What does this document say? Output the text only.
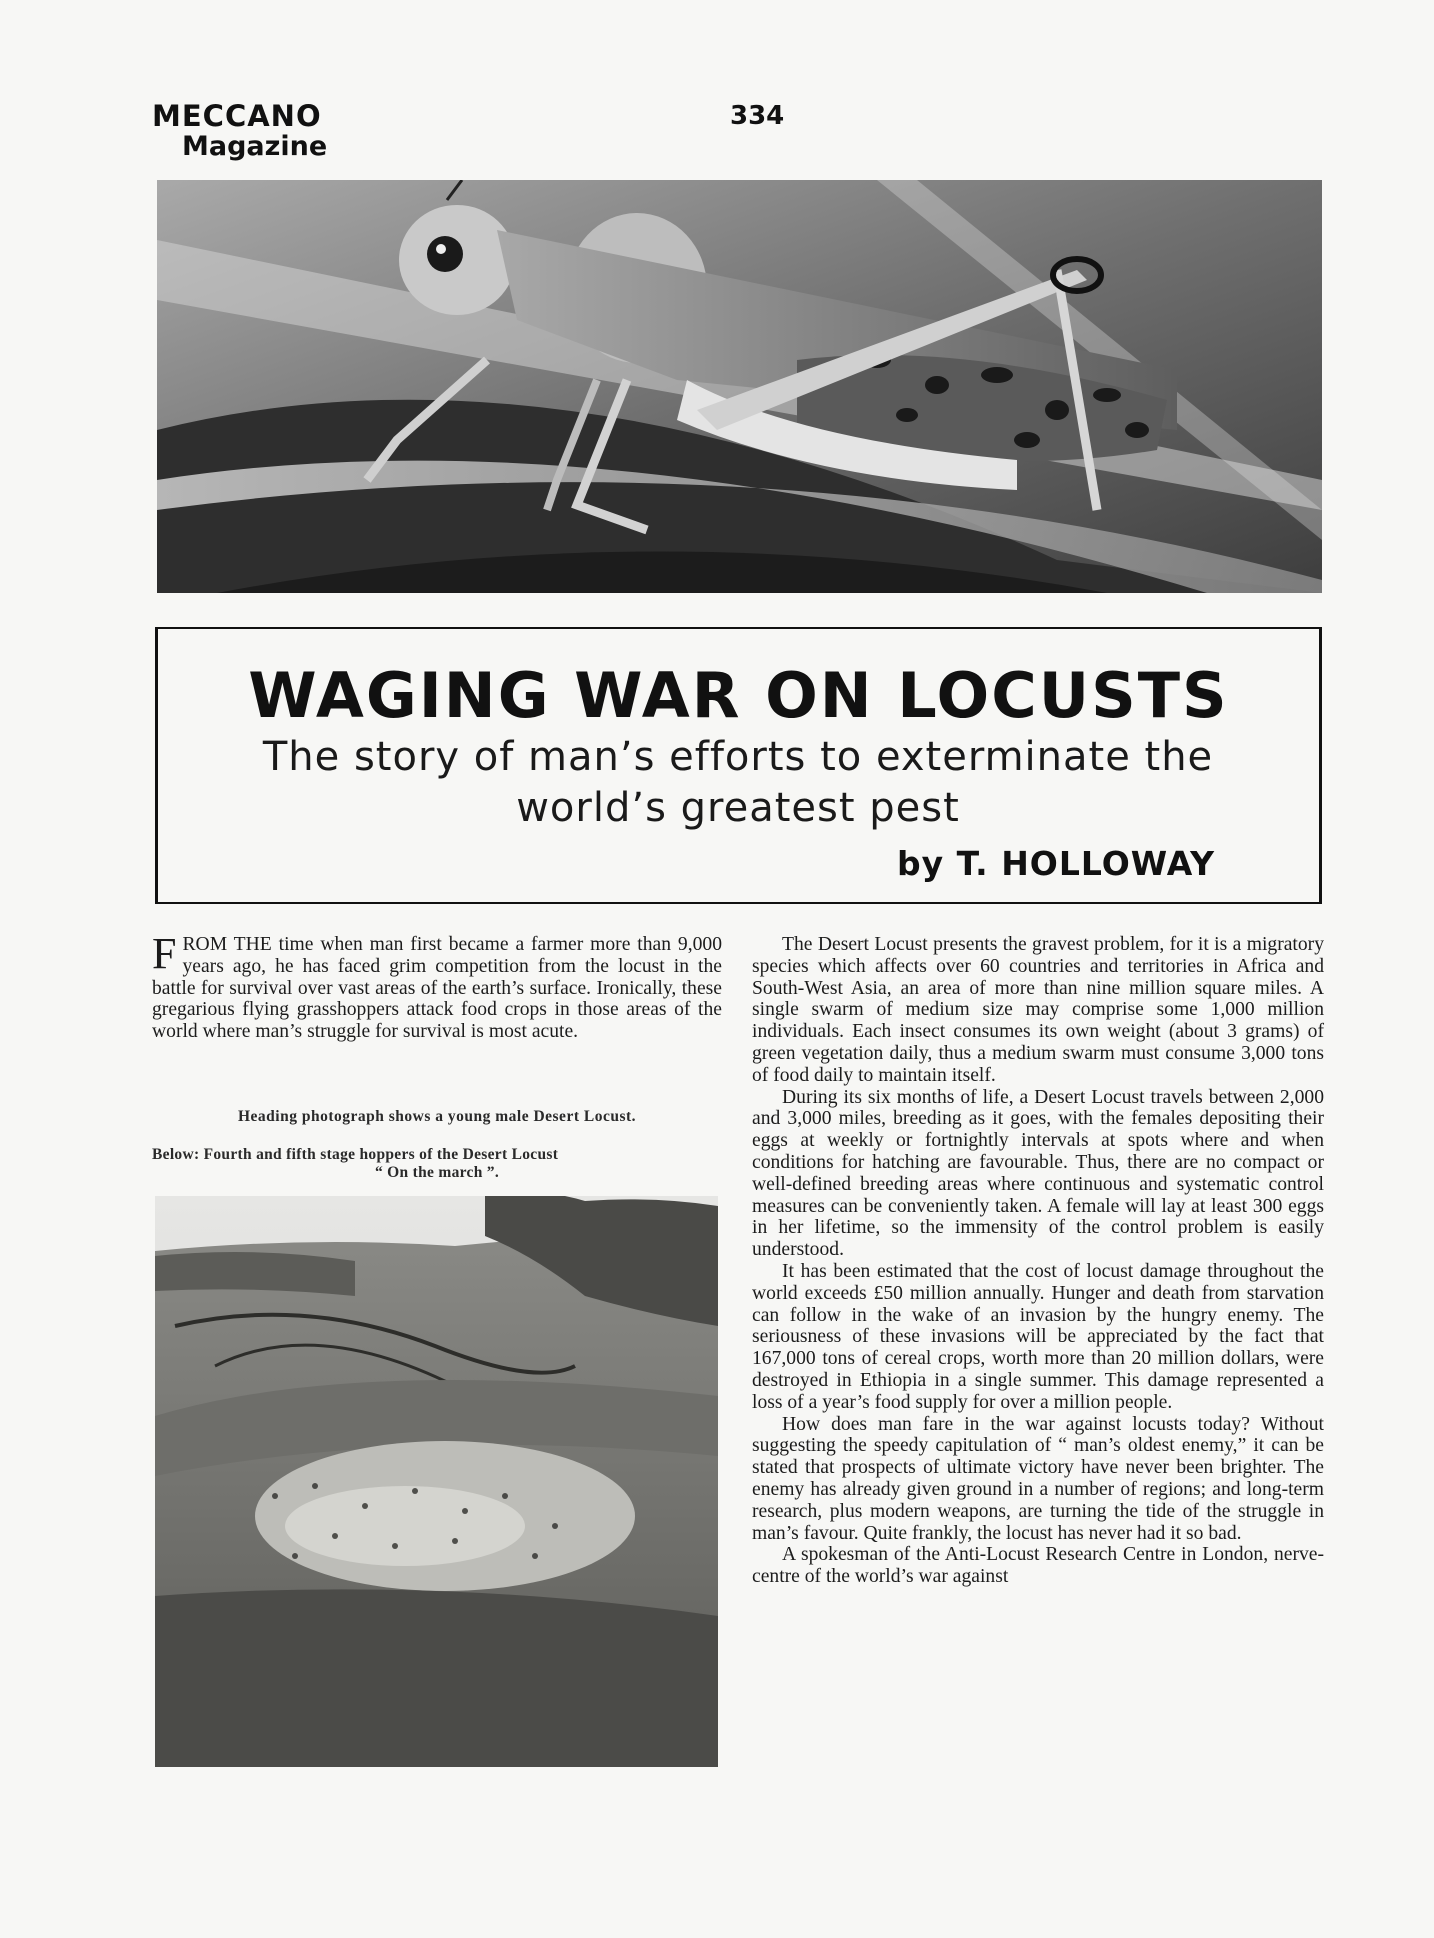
MECCANO
Magazine
334
WAGING WAR ON LOCUSTS
The story of man’s efforts to exterminate the world’s greatest pest
by T. HOLLOWAY

FROM THE time when man first became a farmer more than 9,000 years ago, he has faced grim competition from the locust in the battle for survival over vast areas of the earth’s surface. Ironically, these gregarious flying grasshoppers attack food crops in those areas of the world where man’s struggle for survival is most acute.

Heading photograph shows a young male Desert Locust.
Below: Fourth and fifth stage hoppers of the Desert Locust
“ On the march ”.

The Desert Locust presents the gravest problem, for it is a migratory species which affects over 60 countries and territories in Africa and South-West Asia, an area of more than nine million square miles. A single swarm of medium size may comprise some 1,000 million individuals. Each insect consumes its own weight (about 3 grams) of green vegetation daily, thus a medium swarm must consume 3,000 tons of food daily to maintain itself.

During its six months of life, a Desert Locust travels between 2,000 and 3,000 miles, breeding as it goes, with the females depositing their eggs at weekly or fortnightly intervals at spots where and when conditions for hatching are favourable. Thus, there are no compact or well-defined breeding areas where continuous and systematic control measures can be conveniently taken. A female will lay at least 300 eggs in her lifetime, so the immensity of the control problem is easily understood.

It has been estimated that the cost of locust damage throughout the world exceeds £50 million annually. Hunger and death from starvation can follow in the wake of an invasion by the hungry enemy. The seriousness of these invasions will be appreciated by the fact that 167,000 tons of cereal crops, worth more than 20 million dollars, were destroyed in Ethiopia in a single summer. This damage represented a loss of a year’s food supply for over a million people.

How does man fare in the war against locusts today? Without suggesting the speedy capitulation of “ man’s oldest enemy,” it can be stated that prospects of ultimate victory have never been brighter. The enemy has already given ground in a number of regions; and long-term research, plus modern weapons, are turning the tide of the struggle in man’s favour. Quite frankly, the locust has never had it so bad.

A spokesman of the Anti-Locust Research Centre in London, nerve-centre of the world’s war against
